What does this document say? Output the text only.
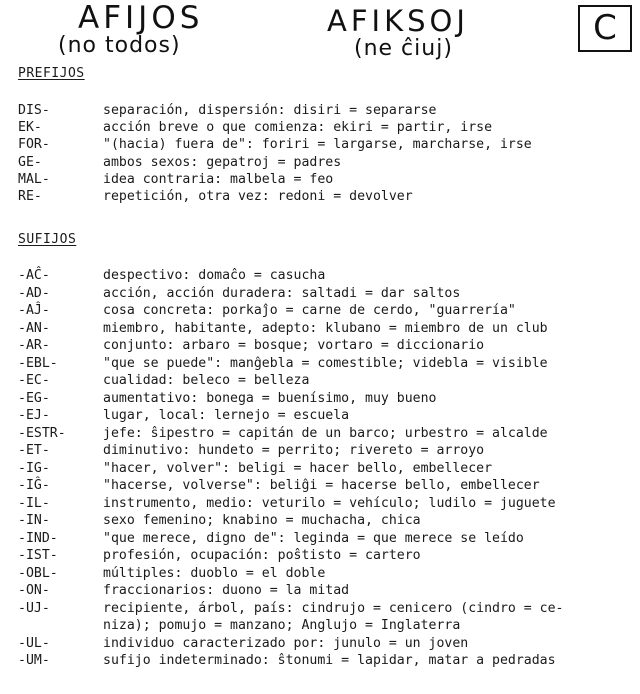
AFIJOS
(no todos)
AFIKSOJ
(ne ĉiuj)
C
PREFIJOS
DIS-	separación, dispersión: disiri = separarse
EK-	acción breve o que comienza: ekiri = partir, irse
FOR-	"(hacia) fuera de": foriri = largarse, marcharse, irse
GE-	ambos sexos: gepatroj = padres
MAL-	idea contraria: malbela = feo
RE-	repetición, otra vez: redoni = devolver
SUFIJOS
-AĈ-	despectivo: domaĉo = casucha
-AD-	acción, acción duradera: saltadi = dar saltos
-AĴ-	cosa concreta: porkaĵo = carne de cerdo, "guarrería"
-AN-	miembro, habitante, adepto: klubano = miembro de un club
-AR-	conjunto: arbaro = bosque; vortaro = diccionario
-EBL-	"que se puede": manĝebla = comestible; videbla = visible
-EC-	cualidad: beleco = belleza
-EG-	aumentativo: bonega = buenísimo, muy bueno
-EJ-	lugar, local: lernejo = escuela
-ESTR-	jefe: ŝipestro = capitán de un barco; urbestro = alcalde
-ET-	diminutivo: hundeto = perrito; rivereto = arroyo
-IG-	"hacer, volver": beligi = hacer bello, embellecer
-IĜ-	"hacerse, volverse": beliĝi = hacerse bello, embellecer
-IL-	instrumento, medio: veturilo = vehículo; ludilo = juguete
-IN-	sexo femenino; knabino = muchacha, chica
-IND-	"que merece, digno de": leginda = que merece se leído
-IST-	profesión, ocupación: poŝtisto = cartero
-OBL-	múltiples: duoblo = el doble
-ON-	fraccionarios: duono = la mitad
-UJ-	recipiente, árbol, país: cindrujo = cenicero (cindro = ce-
niza); pomujo = manzano; Anglujo = Inglaterra
-UL-	individuo caracterizado por: junulo = un joven
-UM-	sufijo indeterminado: ŝtonumi = lapidar, matar a pedradas
